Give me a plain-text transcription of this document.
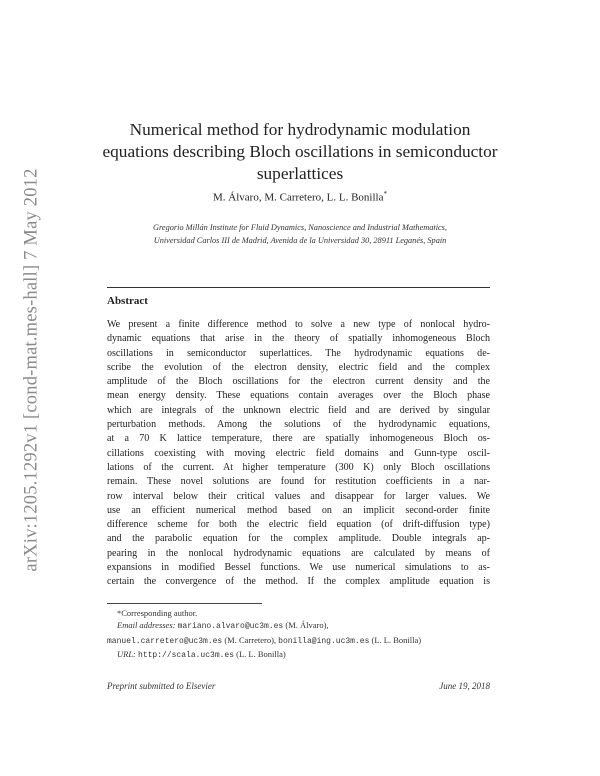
arXiv:1205.1292v1 [cond-mat.mes-hall] 7 May 2012
Numerical method for hydrodynamic modulation
equations describing Bloch oscillations in semiconductor
superlattices
M. Álvaro, M. Carretero, L. L. Bonilla*
Gregorio Millán Institute for Fluid Dynamics, Nanoscience and Industrial Mathematics,
Universidad Carlos III de Madrid, Avenida de la Universidad 30, 28911 Leganés, Spain
Abstract
We present a finite difference method to solve a new type of nonlocal hydro-
dynamic equations that arise in the theory of spatially inhomogeneous Bloch
oscillations in semiconductor superlattices. The hydrodynamic equations de-
scribe the evolution of the electron density, electric field and the complex
amplitude of the Bloch oscillations for the electron current density and the
mean energy density. These equations contain averages over the Bloch phase
which are integrals of the unknown electric field and are derived by singular
perturbation methods. Among the solutions of the hydrodynamic equations,
at a 70 K lattice temperature, there are spatially inhomogeneous Bloch os-
cillations coexisting with moving electric field domains and Gunn-type oscil-
lations of the current. At higher temperature (300 K) only Bloch oscillations
remain. These novel solutions are found for restitution coefficients in a nar-
row interval below their critical values and disappear for larger values. We
use an efficient numerical method based on an implicit second-order finite
difference scheme for both the electric field equation (of drift-diffusion type)
and the parabolic equation for the complex amplitude. Double integrals ap-
pearing in the nonlocal hydrodynamic equations are calculated by means of
expansions in modified Bessel functions. We use numerical simulations to as-
certain the convergence of the method. If the complex amplitude equation is
*Corresponding author.
Email addresses: mariano.alvaro@uc3m.es (M. Álvaro),
manuel.carretero@uc3m.es (M. Carretero), bonilla@ing.uc3m.es (L. L. Bonilla)
URL: http://scala.uc3m.es (L. L. Bonilla)
Preprint submitted to Elsevier	June 19, 2018
